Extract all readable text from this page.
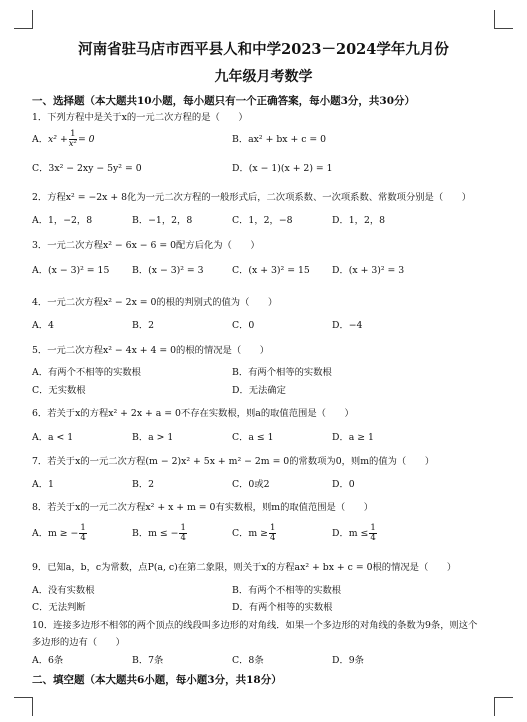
河南省驻马店市西平县人和中学2023－2024学年九月份
九年级月考数学
一、选择题（本大题共10小题，每小题只有一个正确答案，每小题3分，共30分）
1．下列方程中是关于x的一元二次方程的是（　　）
A．$x^2 + \frac{1}{\text{x²}} = 0$	B．ax² + bx + c = 0
C．3x² − 2xy − 5y² = 0	D．(x − 1)(x + 2) = 1
2．方程x² = −2x + 8化为一元二次方程的一般形式后，二次项系数、一次项系数、常数项分别是（　　）
A．1，−2，8	B．−1，2，8	C．1，2，−8	D．1，2，8
3．一元二次方程x² − 6x − 6 = 0配方后化为（　　）
A．(x − 3)² = 15 B．(x − 3)² = 3	C．(x + 3)² = 15 D．(x + 3)² = 3
4．一元二次方程x² − 2x = 0的根的判别式的值为（　　）
A．4	B．2	C．0	D．−4
5．一元二次方程x² − 4x + 4 = 0的根的情况是（　　）
A．有两个不相等的实数根	B．有两个相等的实数根
C．无实数根	D．无法确定
6．若关于x的方程x² + 2x + a = 0不存在实数根，则a的取值范围是（　　）
A．a < 1	B．a > 1	C．a ≤ 1	D．a ≥ 1
7．若关于x的一元二次方程(m − 2)x² + 5x + m² − 2m = 0的常数项为0，则m的值为（　　）
A．1	B．2	C．0或2	D．0
8．若关于x的一元二次方程x² + x + m = 0有实数根，则m的取值范围是（　　）
A．m ≥ − $\frac{1}{4}$	B．m ≤ − $\frac{1}{4}$	C．$m \ge \frac{1}{4}$	D．$m \le \frac{1}{4}$
9．已知a，b，c为常数，点P(a, c)在第二象限，则关于x的方程ax² + bx + c = 0根的情况是（　　）
A．没有实数根	B．有两个不相等的实数根
C．无法判断	D．有两个相等的实数根
10．连接多边形不相邻的两个顶点的线段叫多边形的对角线．如果一个多边形的对角线的条数为9条，则这个
多边形的边有（　　）
A．6条	B．7条	C．8条	D．9条
二、填空题（本大题共6小题，每小题3分，共18分）
